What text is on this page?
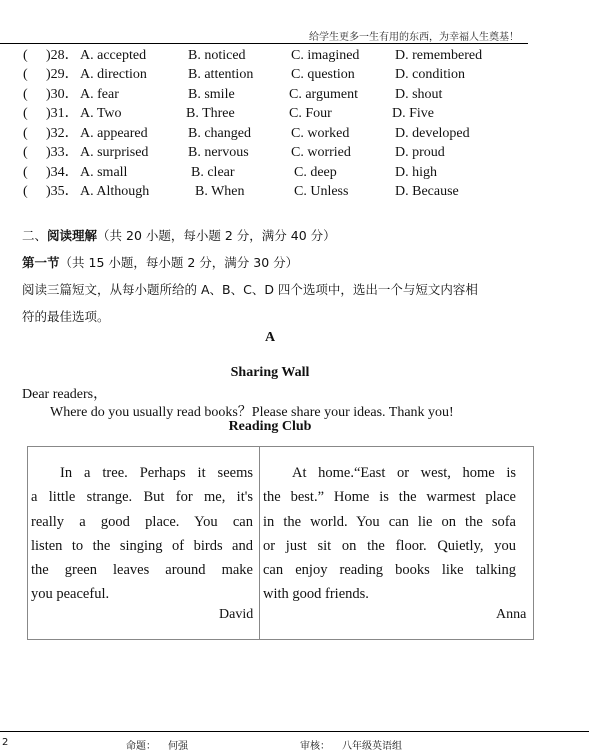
给学生更多一生有用的东西，为幸福人生奠基！
( )28． A. accepted	B. noticed	C. imagined	D. remembered
( )29． A. direction	B. attention	C. question	D. condition
( )30． A. fear	B. smile	C. argument	D. shout
( )31． A. Two	B. Three	C. Four	D. Five
( )32． A. appeared	B. changed	C. worked	D. developed
( )33． A. surprised	B. nervous	C. worried	D. proud
( )34． A. small	B. clear	C. deep	D. high
( )35． A. Although	B. When	C. Unless	D. Because
二、阅读理解（共 20 小题，每小题 2 分，满分 40 分）
第一节（共 15 小题，每小题 2 分，满分 30 分）
阅读三篇短文，从每小题所给的 A、B、C、D 四个选项中，选出一个与短文内容相
符的最佳选项。
A
Sharing Wall
Dear readers，
Where do you usually read books？Please share your ideas. Thank you!
Reading Club
In a tree. Perhaps it seems
a little strange. But for me, it's
really a good place. You can
listen to the singing of birds and
the green leaves around make
you peaceful.
David
At home.“East or west, home is
the best.” Home is the warmest place
in the world. You can lie on the sofa
or just sit on the floor. Quietly, you
can enjoy reading books like talking
with good friends.
Anna
2	命题： 何强	审核： 八年级英语组
